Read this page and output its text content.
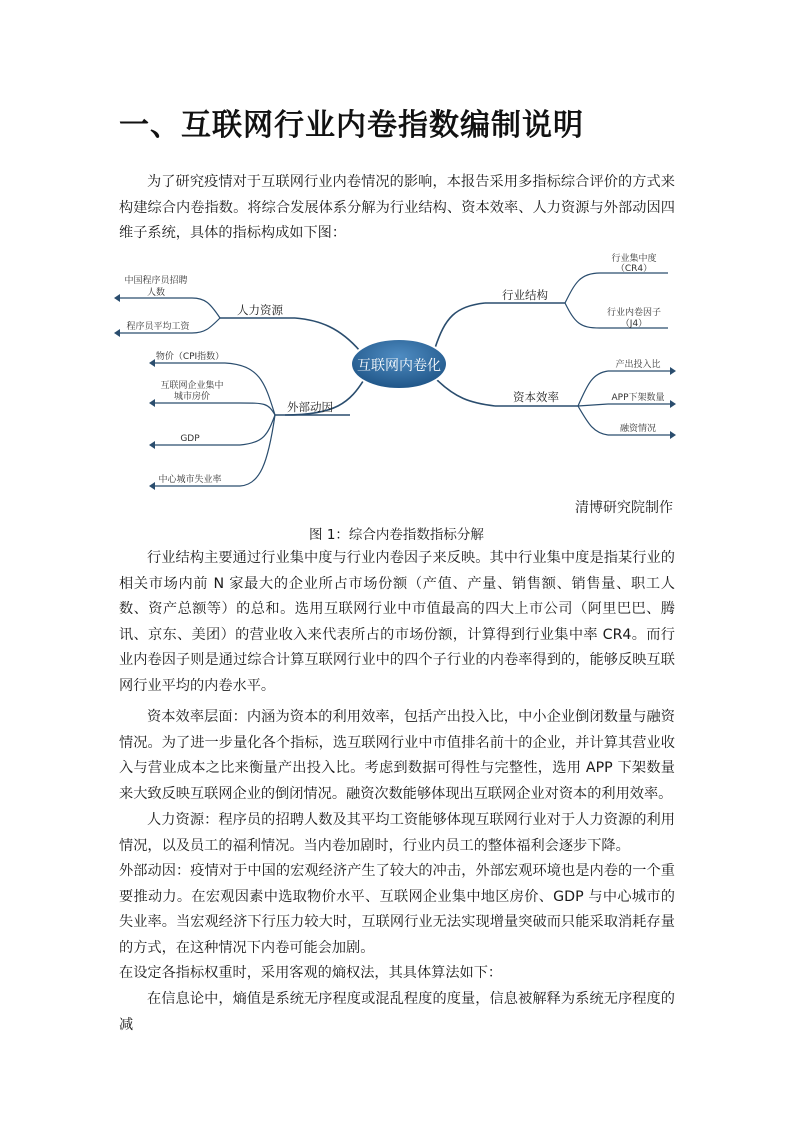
一、互联网行业内卷指数编制说明

为了研究疫情对于互联网行业内卷情况的影响，本报告采用多指标综合评价的方式来构建综合内卷指数。将综合发展体系分解为行业结构、资本效率、人力资源与外部动因四维子系统，具体的指标构成如下图：

互联网内卷化
行业结构
资本效率
人力资源
外部动因
行业集中度
（CR4）
行业内卷因子
（J4）
产出投入比
APP下架数量
融资情况
中国程序员招聘
人数
程序员平均工资
物价（CPI指数）
互联网企业集中
城市房价
GDP
中心城市失业率
清博研究院制作
图 1：综合内卷指数指标分解

行业结构主要通过行业集中度与行业内卷因子来反映。其中行业集中度是指某行业的相关市场内前 N 家最大的企业所占市场份额（产值、产量、销售额、销售量、职工人数、资产总额等）的总和。选用互联网行业中市值最高的四大上市公司（阿里巴巴、腾讯、京东、美团）的营业收入来代表所占的市场份额，计算得到行业集中率 CR4。而行业内卷因子则是通过综合计算互联网行业中的四个子行业的内卷率得到的，能够反映互联网行业平均的内卷水平。

资本效率层面：内涵为资本的利用效率，包括产出投入比，中小企业倒闭数量与融资情况。为了进一步量化各个指标，选互联网行业中市值排名前十的企业，并计算其营业收入与营业成本之比来衡量产出投入比。考虑到数据可得性与完整性，选用 APP 下架数量来大致反映互联网企业的倒闭情况。融资次数能够体现出互联网企业对资本的利用效率。

人力资源：程序员的招聘人数及其平均工资能够体现互联网行业对于人力资源的利用情况，以及员工的福利情况。当内卷加剧时，行业内员工的整体福利会逐步下降。

外部动因：疫情对于中国的宏观经济产生了较大的冲击，外部宏观环境也是内卷的一个重要推动力。在宏观因素中选取物价水平、互联网企业集中地区房价、GDP 与中心城市的失业率。当宏观经济下行压力较大时，互联网行业无法实现增量突破而只能采取消耗存量的方式，在这种情况下内卷可能会加剧。

在设定各指标权重时，采用客观的熵权法，其具体算法如下：

在信息论中，熵值是系统无序程度或混乱程度的度量，信息被解释为系统无序程度的减
